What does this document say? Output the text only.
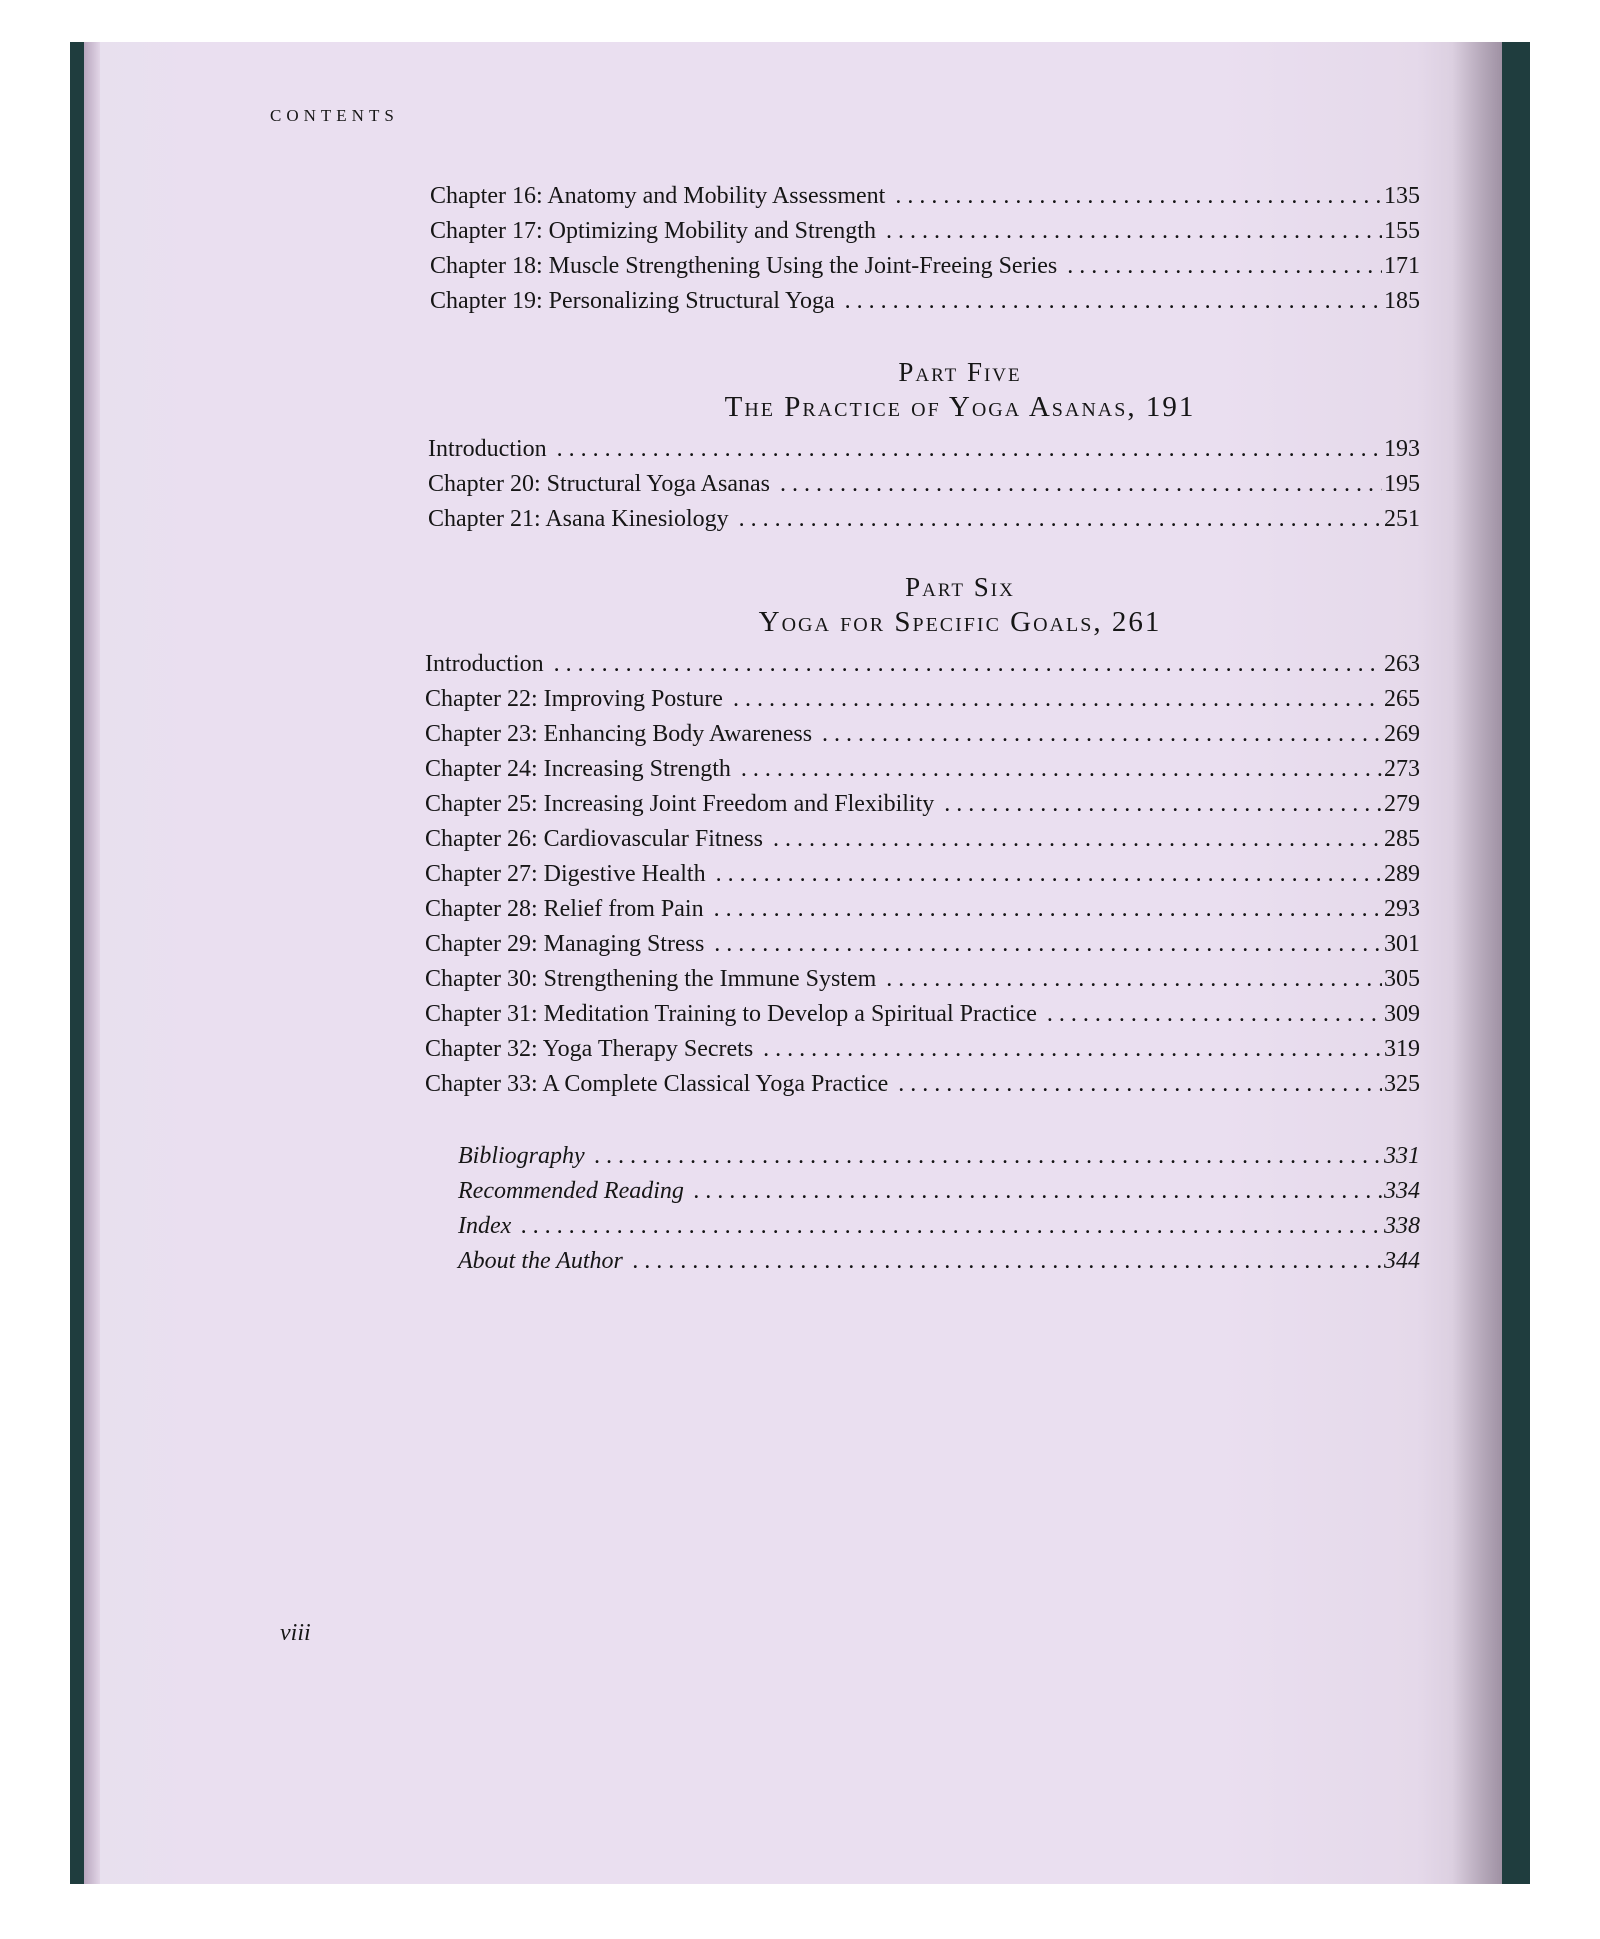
CONTENTS
Chapter 16: Anatomy and Mobility Assessment . . .	135
Chapter 17: Optimizing Mobility and Strength . . .	155
Chapter 18: Muscle Strengthening Using the Joint-Freeing Series . . .	171
Chapter 19: Personalizing Structural Yoga . . .	185
Part Five
The Practice of Yoga Asanas, 191
Introduction . . .	193
Chapter 20: Structural Yoga Asanas . . .	195
Chapter 21: Asana Kinesiology . . .	251
Part Six
Yoga for Specific Goals, 261
Introduction . . .	263
Chapter 22: Improving Posture . . .	265
Chapter 23: Enhancing Body Awareness . . .	269
Chapter 24: Increasing Strength . . .	273
Chapter 25: Increasing Joint Freedom and Flexibility . . .	279
Chapter 26: Cardiovascular Fitness . . .	285
Chapter 27: Digestive Health . . .	289
Chapter 28: Relief from Pain . . .	293
Chapter 29: Managing Stress . . .	301
Chapter 30: Strengthening the Immune System . . .	305
Chapter 31: Meditation Training to Develop a Spiritual Practice . . .	309
Chapter 32: Yoga Therapy Secrets . . .	319
Chapter 33: A Complete Classical Yoga Practice . . .	325
Bibliography . . .	331
Recommended Reading . . .	334
Index . . .	338
About the Author . . .	344
viii
